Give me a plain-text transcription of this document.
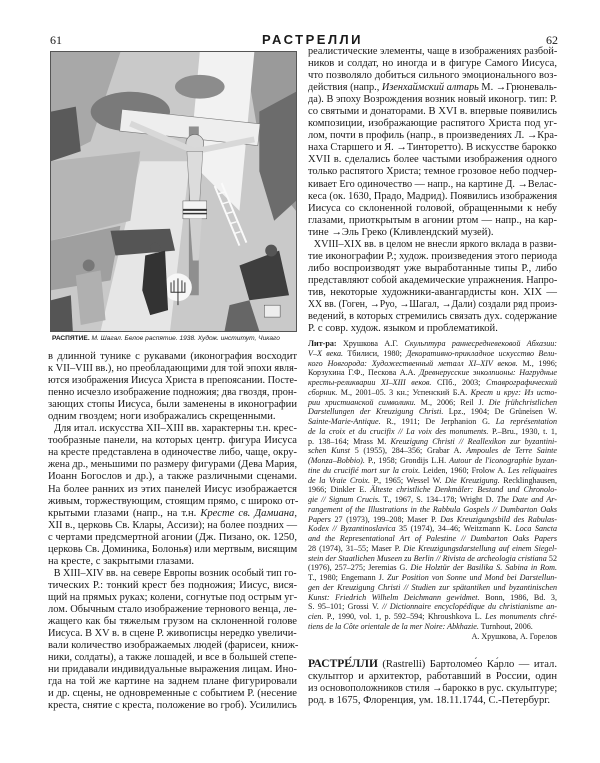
61	РАСТРЕЛЛИ	62
РАСПЯТИЕ. М. Шагал. Белое распятие. 1938. Худож. институт, Чикаго
в длинной тунике с рукавами (иконография восходит
к VII–VIII вв.), но преобладающими для той эпохи явля-
ются изображения Иисуса Христа в препоясании. Посте-
пенно исчезло изображение подножия; два гвоздя, прон-
зающих стопы Иисуса, были заменены в иконографии
одним гвоздем; ноги изображались скрещенными.
Для итал. искусства XII–XIII вв. характерны т.н. крес-
тообразные панели, на которых центр. фигура Иисуса
на кресте представлена в одиночестве либо, чаще, окру-
жена др., меньшими по размеру фигурами (Дева Мария,
Иоанн Богослов и др.), а также различными сценами.
На более ранних из этих панелей Иисус изображается
живым, торжествующим, стоящим прямо, с широко от-
крытыми глазами (напр., на т.н. Кресте св. Дамиана,
XII в., церковь Св. Клары, Ассизи); на более поздних —
с чертами предсмертной агонии (Дж. Пизано, ок. 1250,
церковь Св. Доминика, Болонья) или мертвым, висящим
на кресте, с закрытыми глазами.
В XIII–XIV вв. на севере Европы возник особый тип го-
тических Р.: тонкий крест без подножия; Иисус, вися-
щий на прямых руках; колени, согнутые под острым уг-
лом. Обычным стало изображение тернового венца, ле-
жащего как бы тяжелым грузом на склоненной голове
Иисуса. В XV в. в сцене Р. живописцы нередко увеличи-
вали количество изображаемых людей (фарисеи, книж-
ники, солдаты), а также лошадей, и все в большей степе-
ни придавали индивидуальные выражения лицам. Ино-
гда на той же картине на заднем плане фигурировали
и др. сцены, не одновременные с событием Р. (несение
креста, снятие с креста, положение во гроб). Усилились
реалистические элементы, чаще в изображениях разбой-
ников и солдат, но иногда и в фигуре Самого Иисуса,
что позволяло добиться сильного эмоционального воз-
действия (напр., Изенхаймский алтарь М. →Грюневаль-
да). В эпоху Возрождения возник новый иконогр. тип: Р.
со святыми и донаторами. В XVI в. впервые появились
композиции, изображающие распятого Христа под уг-
лом, почти в профиль (напр., в произведениях Л. →Кра-
наха Старшего и Я. →Тинторетто). В искусстве барокко
XVII в. сделались более частыми изображения одного
только распятого Христа; темное грозовое небо подчер-
кивает Его одиночество — напр., на картине Д. →Велас-
кеса (ок. 1630, Прадо, Мадрид). Появились изображения
Иисуса со склоненной головой, обращенными к небу
глазами, приоткрытым в агонии ртом — напр., на кар-
тине →Эль Греко (Кливлендский музей).
XVIII–XIX вв. в целом не внесли яркого вклада в разви-
тие иконографии Р.; худож. произведения этого периода
либо воспроизводят уже выработанные типы Р., либо
представляют собой академические упражнения. Напро-
тив, некоторые художники-авангардисты кон. XIX —
XX вв. (Гоген, →Руо, →Шагал, →Дали) создали ряд произ-
ведений, в которых стремились связать дух. содержание
Р. с совр. худож. языком и проблематикой.
Лит-ра: Хрушкова А.Г. Скульптура раннесредневековой Абхазии:
V–X века. Тбилиси, 1980; Декоративно-прикладное искусство Вели-
кого Новгорода: Художественный металл XI–XIV веков. М., 1996;
Корзухина Г.Ф., Пескова А.А. Древнерусские энколпионы: Нагрудные
кресты-реликварии XI–XIII веков. СПб., 2003; Ставрографический
сборник. М., 2001–05. 3 кн.; Успенский Б.А. Крест и круг: Из исто-
рии христианской символики. М., 2006; Reil J. Die frühchristlichen
Darstellungen der Kreuzigung Christi. Lpz., 1904; De Grüneisen W.
Sainte-Marie-Antique. R., 1911; De Jerphanion G. La représentation
de la croix et du crucifix // La voix des monuments. P.–Bru., 1930, t. 1,
p. 138–164; Mrass M. Kreuzigung Christi // Reallexikon zur byzantini-
schen Kunst 5 (1955), 284–356; Grabar A. Ampoules de Terre Sainte
(Monza–Bobbio). P., 1958; Grondijs L.H. Autour de l'iconographie byzan-
tine du crucifié mort sur la croix. Leiden, 1960; Frolow A. Les reliquaires
de la Vraie Croix. P., 1965; Wessel W. Die Kreuzigung. Recklinghausen,
1966; Dinkler E. Älteste christliche Denkmäler: Bestand und Chronolo-
gie // Signum Crucis. T., 1967, S. 134–178; Wright D. The Date and Ar-
rangement of the Illustrations in the Rabbula Gospels // Dumbarton Oaks
Papers 27 (1973), 199–208; Maser P. Das Kreuzigungsbild des Rabulas-
Kodex // Byzantinoslavica 35 (1974), 34–46; Weitzmann K. Loca Sancta
and the Representational Art of Palestine // Dumbarton Oaks Papers
28 (1974), 31–55; Maser P. Die Kreuzigungsdarstellung auf einem Siegel-
stein der Staatlichen Museen zu Berlin // Rivista de archeologia cristiana 52
(1976), 257–275; Jeremias G. Die Holztür der Basilika S. Sabina in Rom.
T., 1980; Engemann J. Zur Position von Sonne und Mond bei Darstellun-
gen der Kreuzigung Christi // Studien zur spätantiken und byzantinischen
Kunst: Friedrich Wilhelm Deichmann gewidmet. Bonn, 1986, Bd. 3,
S. 95–101; Grossi V. // Dictionnaire encyclopédique du christianisme an-
cien. P., 1990, vol. 1, p. 592–594; Khroushkova L. Les monuments chré-
tiens de la Côte orientale de la mer Noire: Abkhazie. Turnhout, 2006.
А. Хрушкова, А. Горелов
РАСТРЕ́ЛЛИ (Rastrelli) Бартоломе́о Ка́рло — итал.
скульптор и архитектор, работавший в России, один
из основоположников стиля →барокко в рус. скульптуре;
род. в 1675, Флоренция, ум. 18.11.1744, С.-Петербург.
